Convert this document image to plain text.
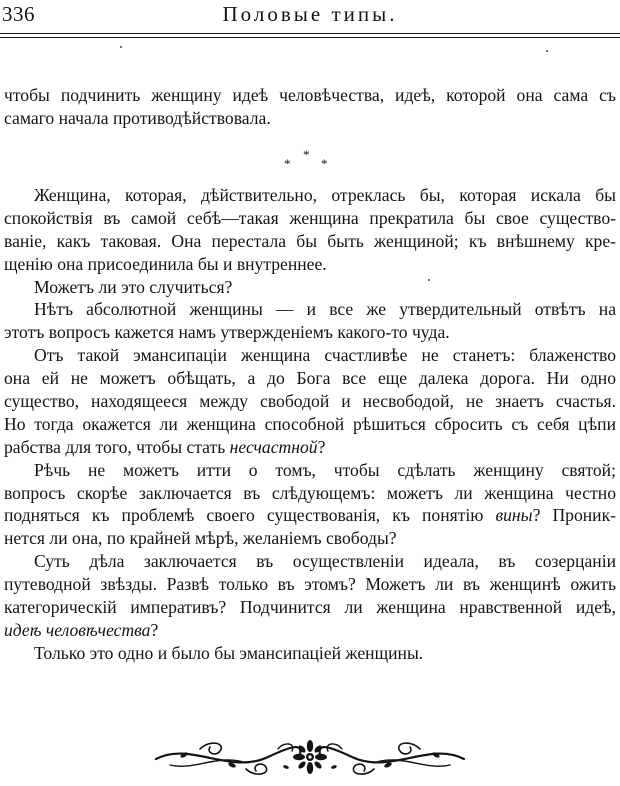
336	Половые типы.
чтобы подчинить женщину идеѣ человѣчества, идеѣ, которой она сама съ
самаго начала противодѣйствовала.
*
*
*
Женщина, которая, дѣйствительно, отреклась бы, которая искала бы
спокойствія въ самой себѣ—такая женщина прекратила бы свое существо-
ваніе, какъ таковая. Она перестала бы быть женщиной; къ внѣшнему кре-
щенію она присоединила бы и внутреннее.
Можетъ ли это случиться?
Нѣтъ абсолютной женщины — и все же утвердительный отвѣтъ на
этотъ вопросъ кажется намъ утвержденіемъ какого-то чуда.
Отъ такой эмансипаціи женщина счастливѣе не станетъ: блаженство
она ей не можетъ обѣщать, а до Бога все еще далека дорога. Ни одно
существо, находящееся между свободой и несвободой, не знаетъ счастья.
Но тогда окажется ли женщина способной рѣшиться сбросить съ себя цѣпи
рабства для того, чтобы стать несчастной?
Рѣчь не можетъ итти о томъ, чтобы сдѣлать женщину святой;
вопросъ скорѣе заключается въ слѣдующемъ: можетъ ли женщина честно
подняться къ проблемѣ своего существованія, къ понятію вины? Проник-
нется ли она, по крайней мѣрѣ, желаніемъ свободы?
Суть дѣла заключается въ осуществленіи идеала, въ созерцаніи
путеводной звѣзды. Развѣ только въ этомъ? Можетъ ли въ женщинѣ ожить
категорическій императивъ? Подчинится ли женщина нравственной идеѣ,
идеѣ человѣчества?
Только это одно и было бы эмансипаціей женщины.
